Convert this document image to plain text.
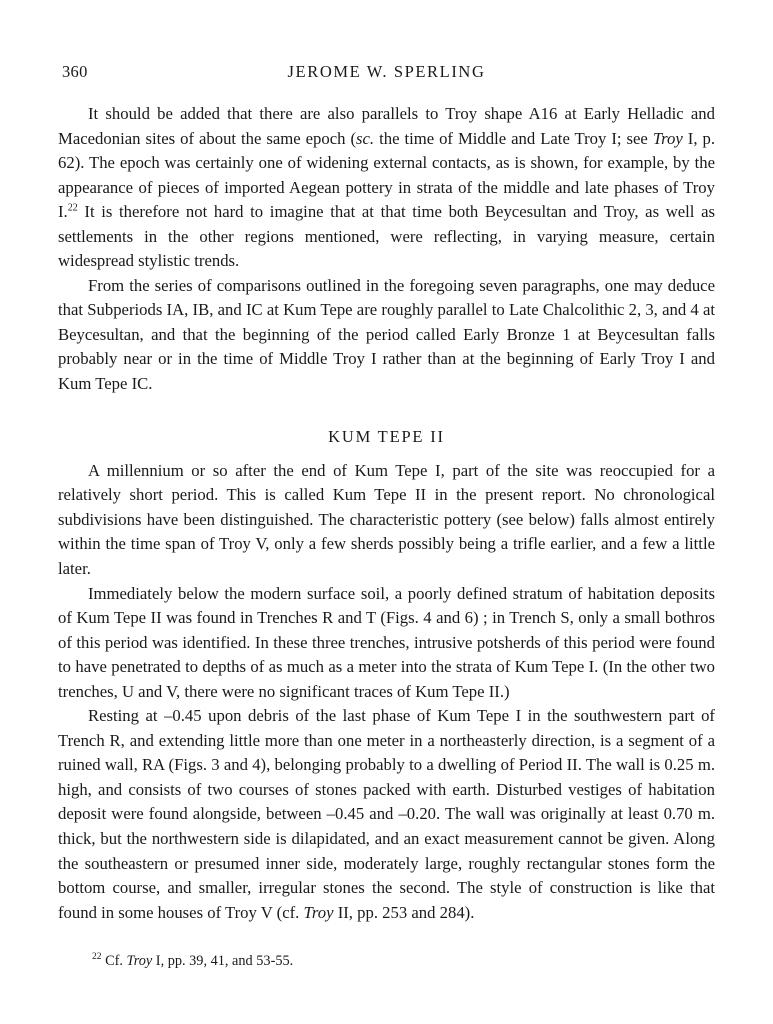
360	JEROME W. SPERLING

It should be added that there are also parallels to Troy shape A16 at Early Helladic and Macedonian sites of about the same epoch (sc. the time of Middle and Late Troy I; see Troy I, p. 62). The epoch was certainly one of widening external contacts, as is shown, for example, by the appearance of pieces of imported Aegean pottery in strata of the middle and late phases of Troy I.$^{22}$ It is therefore not hard to imagine that at that time both Beycesultan and Troy, as well as settlements in the other regions mentioned, were reflecting, in varying measure, certain widespread stylistic trends.

From the series of comparisons outlined in the foregoing seven paragraphs, one may deduce that Subperiods IA, IB, and IC at Kum Tepe are roughly parallel to Late Chalcolithic 2, 3, and 4 at Beycesultan, and that the beginning of the period called Early Bronze 1 at Beycesultan falls probably near or in the time of Middle Troy I rather than at the beginning of Early Troy I and Kum Tepe IC.

KUM TEPE II

A millennium or so after the end of Kum Tepe I, part of the site was reoccupied for a relatively short period. This is called Kum Tepe II in the present report. No chronological subdivisions have been distinguished. The characteristic pottery (see below) falls almost entirely within the time span of Troy V, only a few sherds possibly being a trifle earlier, and a few a little later.

Immediately below the modern surface soil, a poorly defined stratum of habitation deposits of Kum Tepe II was found in Trenches R and T (Figs. 4 and 6) ; in Trench S, only a small bothros of this period was identified. In these three trenches, intrusive potsherds of this period were found to have penetrated to depths of as much as a meter into the strata of Kum Tepe I. (In the other two trenches, U and V, there were no significant traces of Kum Tepe II.)

Resting at –0.45 upon debris of the last phase of Kum Tepe I in the southwestern part of Trench R, and extending little more than one meter in a northeasterly direction, is a segment of a ruined wall, RA (Figs. 3 and 4), belonging probably to a dwelling of Period II. The wall is 0.25 m. high, and consists of two courses of stones packed with earth. Disturbed vestiges of habitation deposit were found alongside, between –0.45 and –0.20. The wall was originally at least 0.70 m. thick, but the northwestern side is dilapidated, and an exact measurement cannot be given. Along the southeastern or presumed inner side, moderately large, roughly rectangular stones form the bottom course, and smaller, irregular stones the second. The style of construction is like that found in some houses of Troy V (cf. Troy II, pp. 253 and 284).

$^{22}$ Cf. Troy I, pp. 39, 41, and 53-55.
